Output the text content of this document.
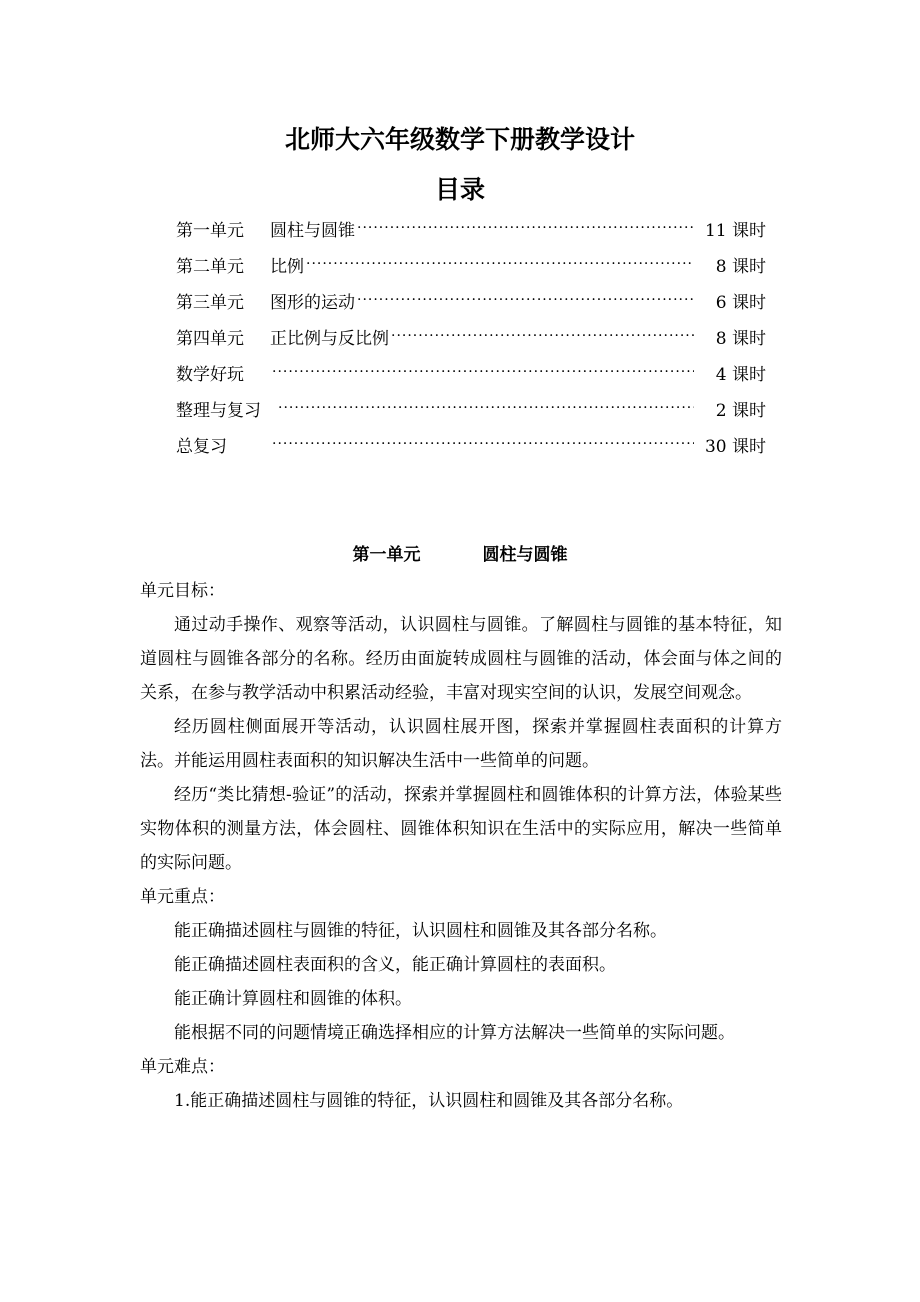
北师大六年级数学下册教学设计
目录
第一单元	圆柱与圆锥 ·····	11 课时
第二单元	比例 ·····	8 课时
第三单元	图形的运动 ·····	6 课时
第四单元	正比例与反比例 ·····	8 课时
数学好玩 ·····	4 课时
整理与复习 ·····	2 课时
总复习 ·····	30 课时
第一单元	圆柱与圆锥

单元目标：

通过动手操作、观察等活动，认识圆柱与圆锥。了解圆柱与圆锥的基本特征，知道圆柱与圆锥各部分的名称。经历由面旋转成圆柱与圆锥的活动，体会面与体之间的关系，在参与教学活动中积累活动经验，丰富对现实空间的认识，发展空间观念。

经历圆柱侧面展开等活动，认识圆柱展开图，探索并掌握圆柱表面积的计算方法。并能运用圆柱表面积的知识解决生活中一些简单的问题。

经历“类比猜想-验证”的活动，探索并掌握圆柱和圆锥体积的计算方法，体验某些实物体积的测量方法，体会圆柱、圆锥体积知识在生活中的实际应用，解决一些简单的实际问题。

单元重点：

能正确描述圆柱与圆锥的特征，认识圆柱和圆锥及其各部分名称。

能正确描述圆柱表面积的含义，能正确计算圆柱的表面积。

能正确计算圆柱和圆锥的体积。

能根据不同的问题情境正确选择相应的计算方法解决一些简单的实际问题。

单元难点：

1.能正确描述圆柱与圆锥的特征，认识圆柱和圆锥及其各部分名称。
